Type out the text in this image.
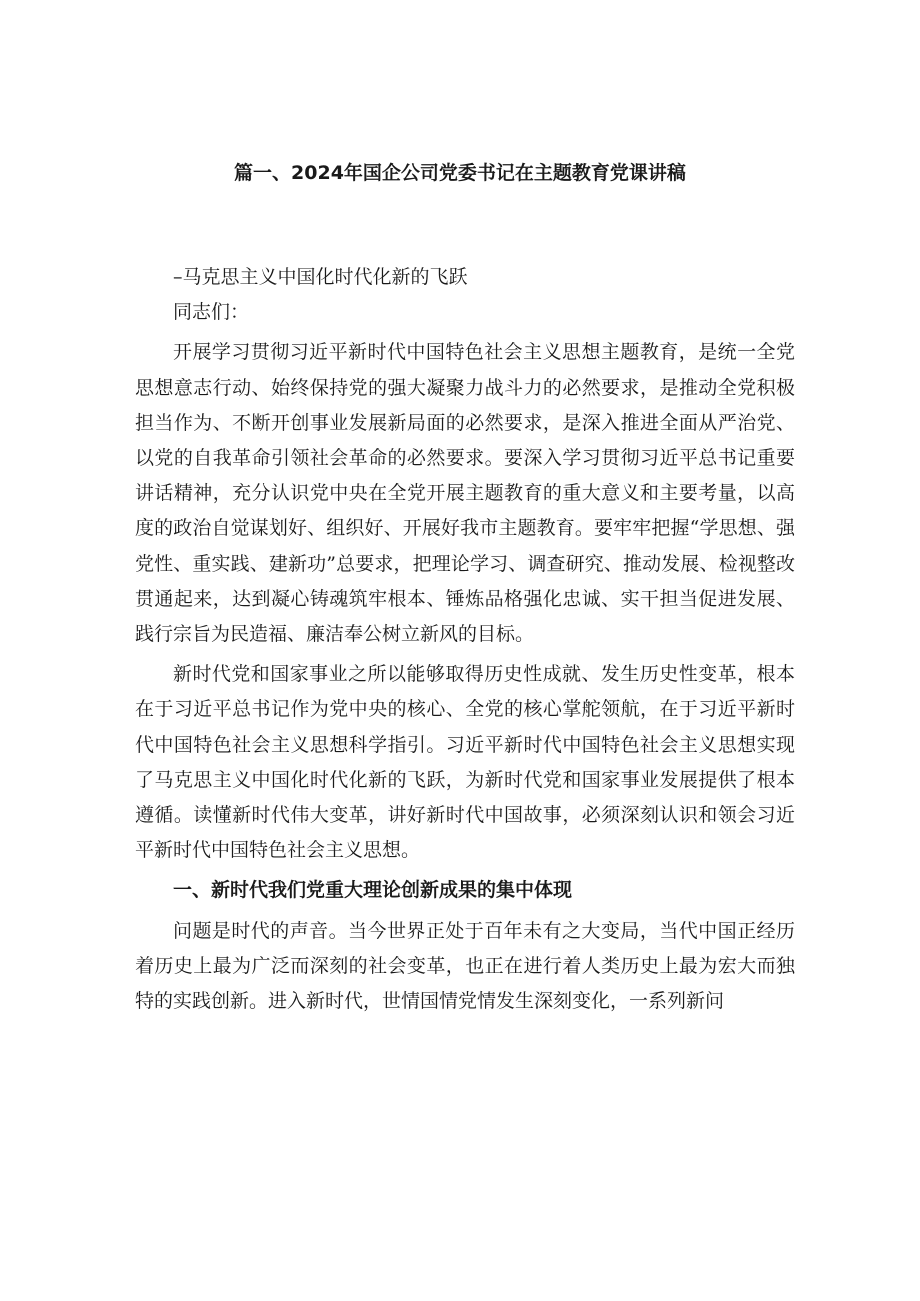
篇一、2024年国企公司党委书记在主题教育党课讲稿

–马克思主义中国化时代化新的飞跃

同志们：

开展学习贯彻习近平新时代中国特色社会主义思想主题教育，是统一全党思想意志行动、始终保持党的强大凝聚力战斗力的必然要求，是推动全党积极担当作为、不断开创事业发展新局面的必然要求，是深入推进全面从严治党、以党的自我革命引领社会革命的必然要求。要深入学习贯彻习近平总书记重要讲话精神，充分认识党中央在全党开展主题教育的重大意义和主要考量，以高度的政治自觉谋划好、组织好、开展好我市主题教育。要牢牢把握“学思想、强党性、重实践、建新功”总要求，把理论学习、调查研究、推动发展、检视整改贯通起来，达到凝心铸魂筑牢根本、锤炼品格强化忠诚、实干担当促进发展、践行宗旨为民造福、廉洁奉公树立新风的目标。

新时代党和国家事业之所以能够取得历史性成就、发生历史性变革，根本在于习近平总书记作为党中央的核心、全党的核心掌舵领航，在于习近平新时代中国特色社会主义思想科学指引。习近平新时代中国特色社会主义思想实现了马克思主义中国化时代化新的飞跃，为新时代党和国家事业发展提供了根本遵循。读懂新时代伟大变革，讲好新时代中国故事，必须深刻认识和领会习近平新时代中国特色社会主义思想。

一、新时代我们党重大理论创新成果的集中体现

问题是时代的声音。当今世界正处于百年未有之大变局，当代中国正经历着历史上最为广泛而深刻的社会变革，也正在进行着人类历史上最为宏大而独特的实践创新。进入新时代，世情国情党情发生深刻变化，一系列新问
